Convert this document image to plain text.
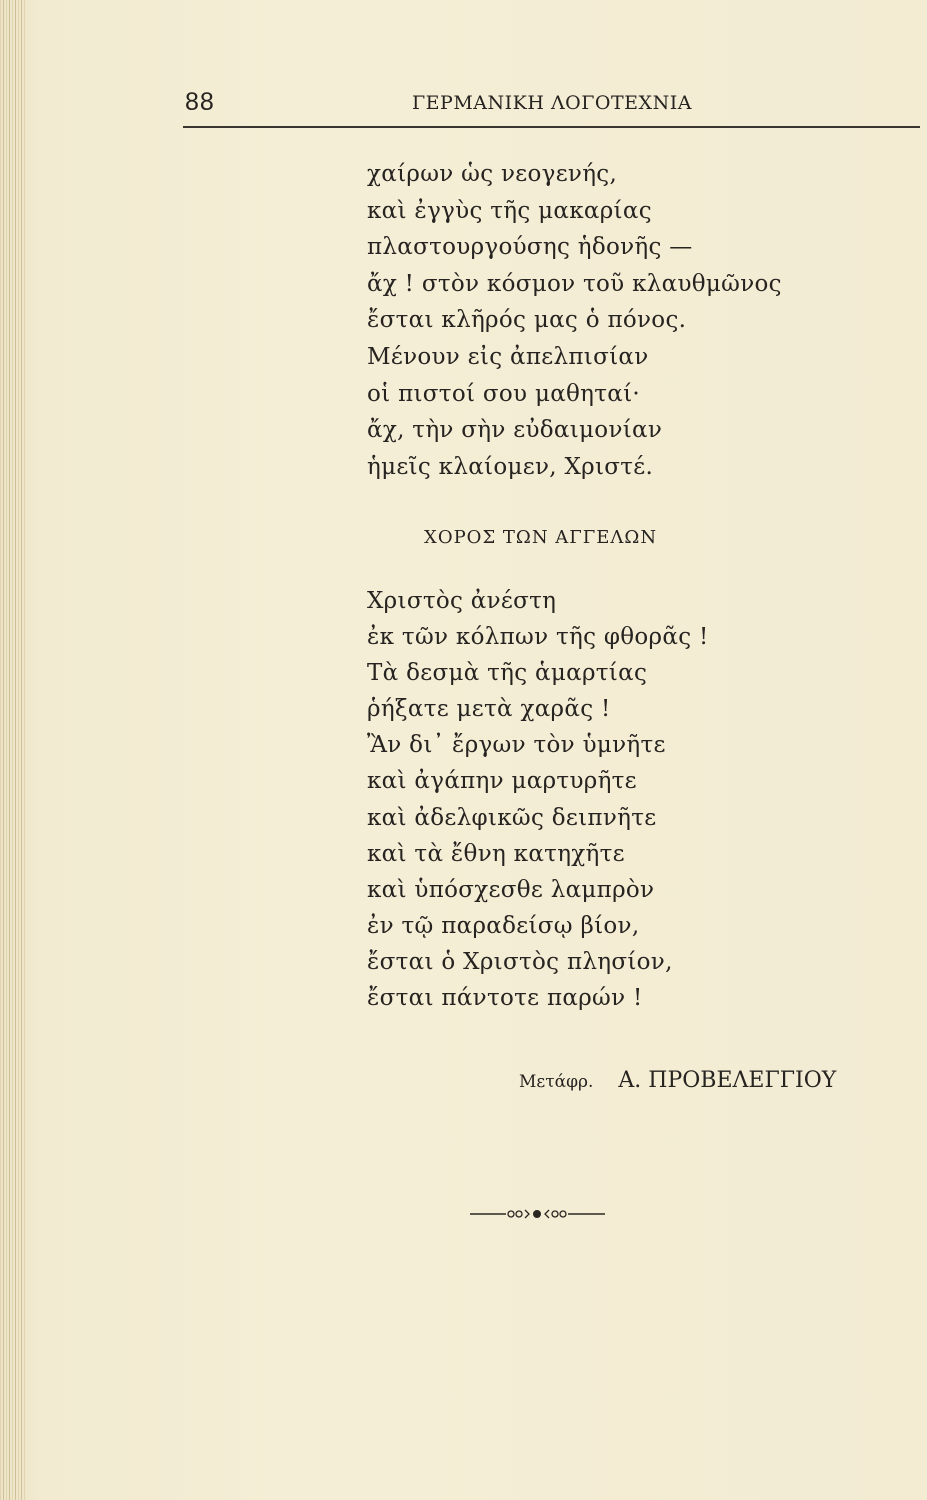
88	ΓΕΡΜΑΝΙΚΗ ΛΟΓΟΤΕΧΝΙΑ
χαίρων ὡς νεογενής,
καὶ ἐγγὺς τῆς μακαρίας
πλαστουργούσης ἡδονῆς —
ἄχ ! στὸν κόσμον τοῦ κλαυθμῶνος
ἔσται κλῆρός μας ὁ πόνος.
Μένουν εἰς ἀπελπισίαν
οἱ πιστοί σου μαθηταί·
ἄχ, τὴν σὴν εὐδαιμονίαν
ἡμεῖς κλαίομεν, Χριστέ.
ΧΟΡΟΣ ΤΩΝ ΑΓΓΕΛΩΝ
Χριστὸς ἀνέστη
ἐκ τῶν κόλπων τῆς φθορᾶς !
Τὰ δεσμὰ τῆς ἁμαρτίας
ῥήξατε μετὰ χαρᾶς !
Ἂν δι᾽ ἔργων τὸν ὑμνῆτε
καὶ ἀγάπην μαρτυρῆτε
καὶ ἀδελφικῶς δειπνῆτε
καὶ τὰ ἔθνη κατηχῆτε
καὶ ὑπόσχεσθε λαμπρὸν
ἐν τῷ παραδείσῳ βίον,
ἔσται ὁ Χριστὸς πλησίον,
ἔσται πάντοτε παρών !
Μετάφρ. Α. ΠΡΟΒΕΛΕΓΓΙΟΥ
